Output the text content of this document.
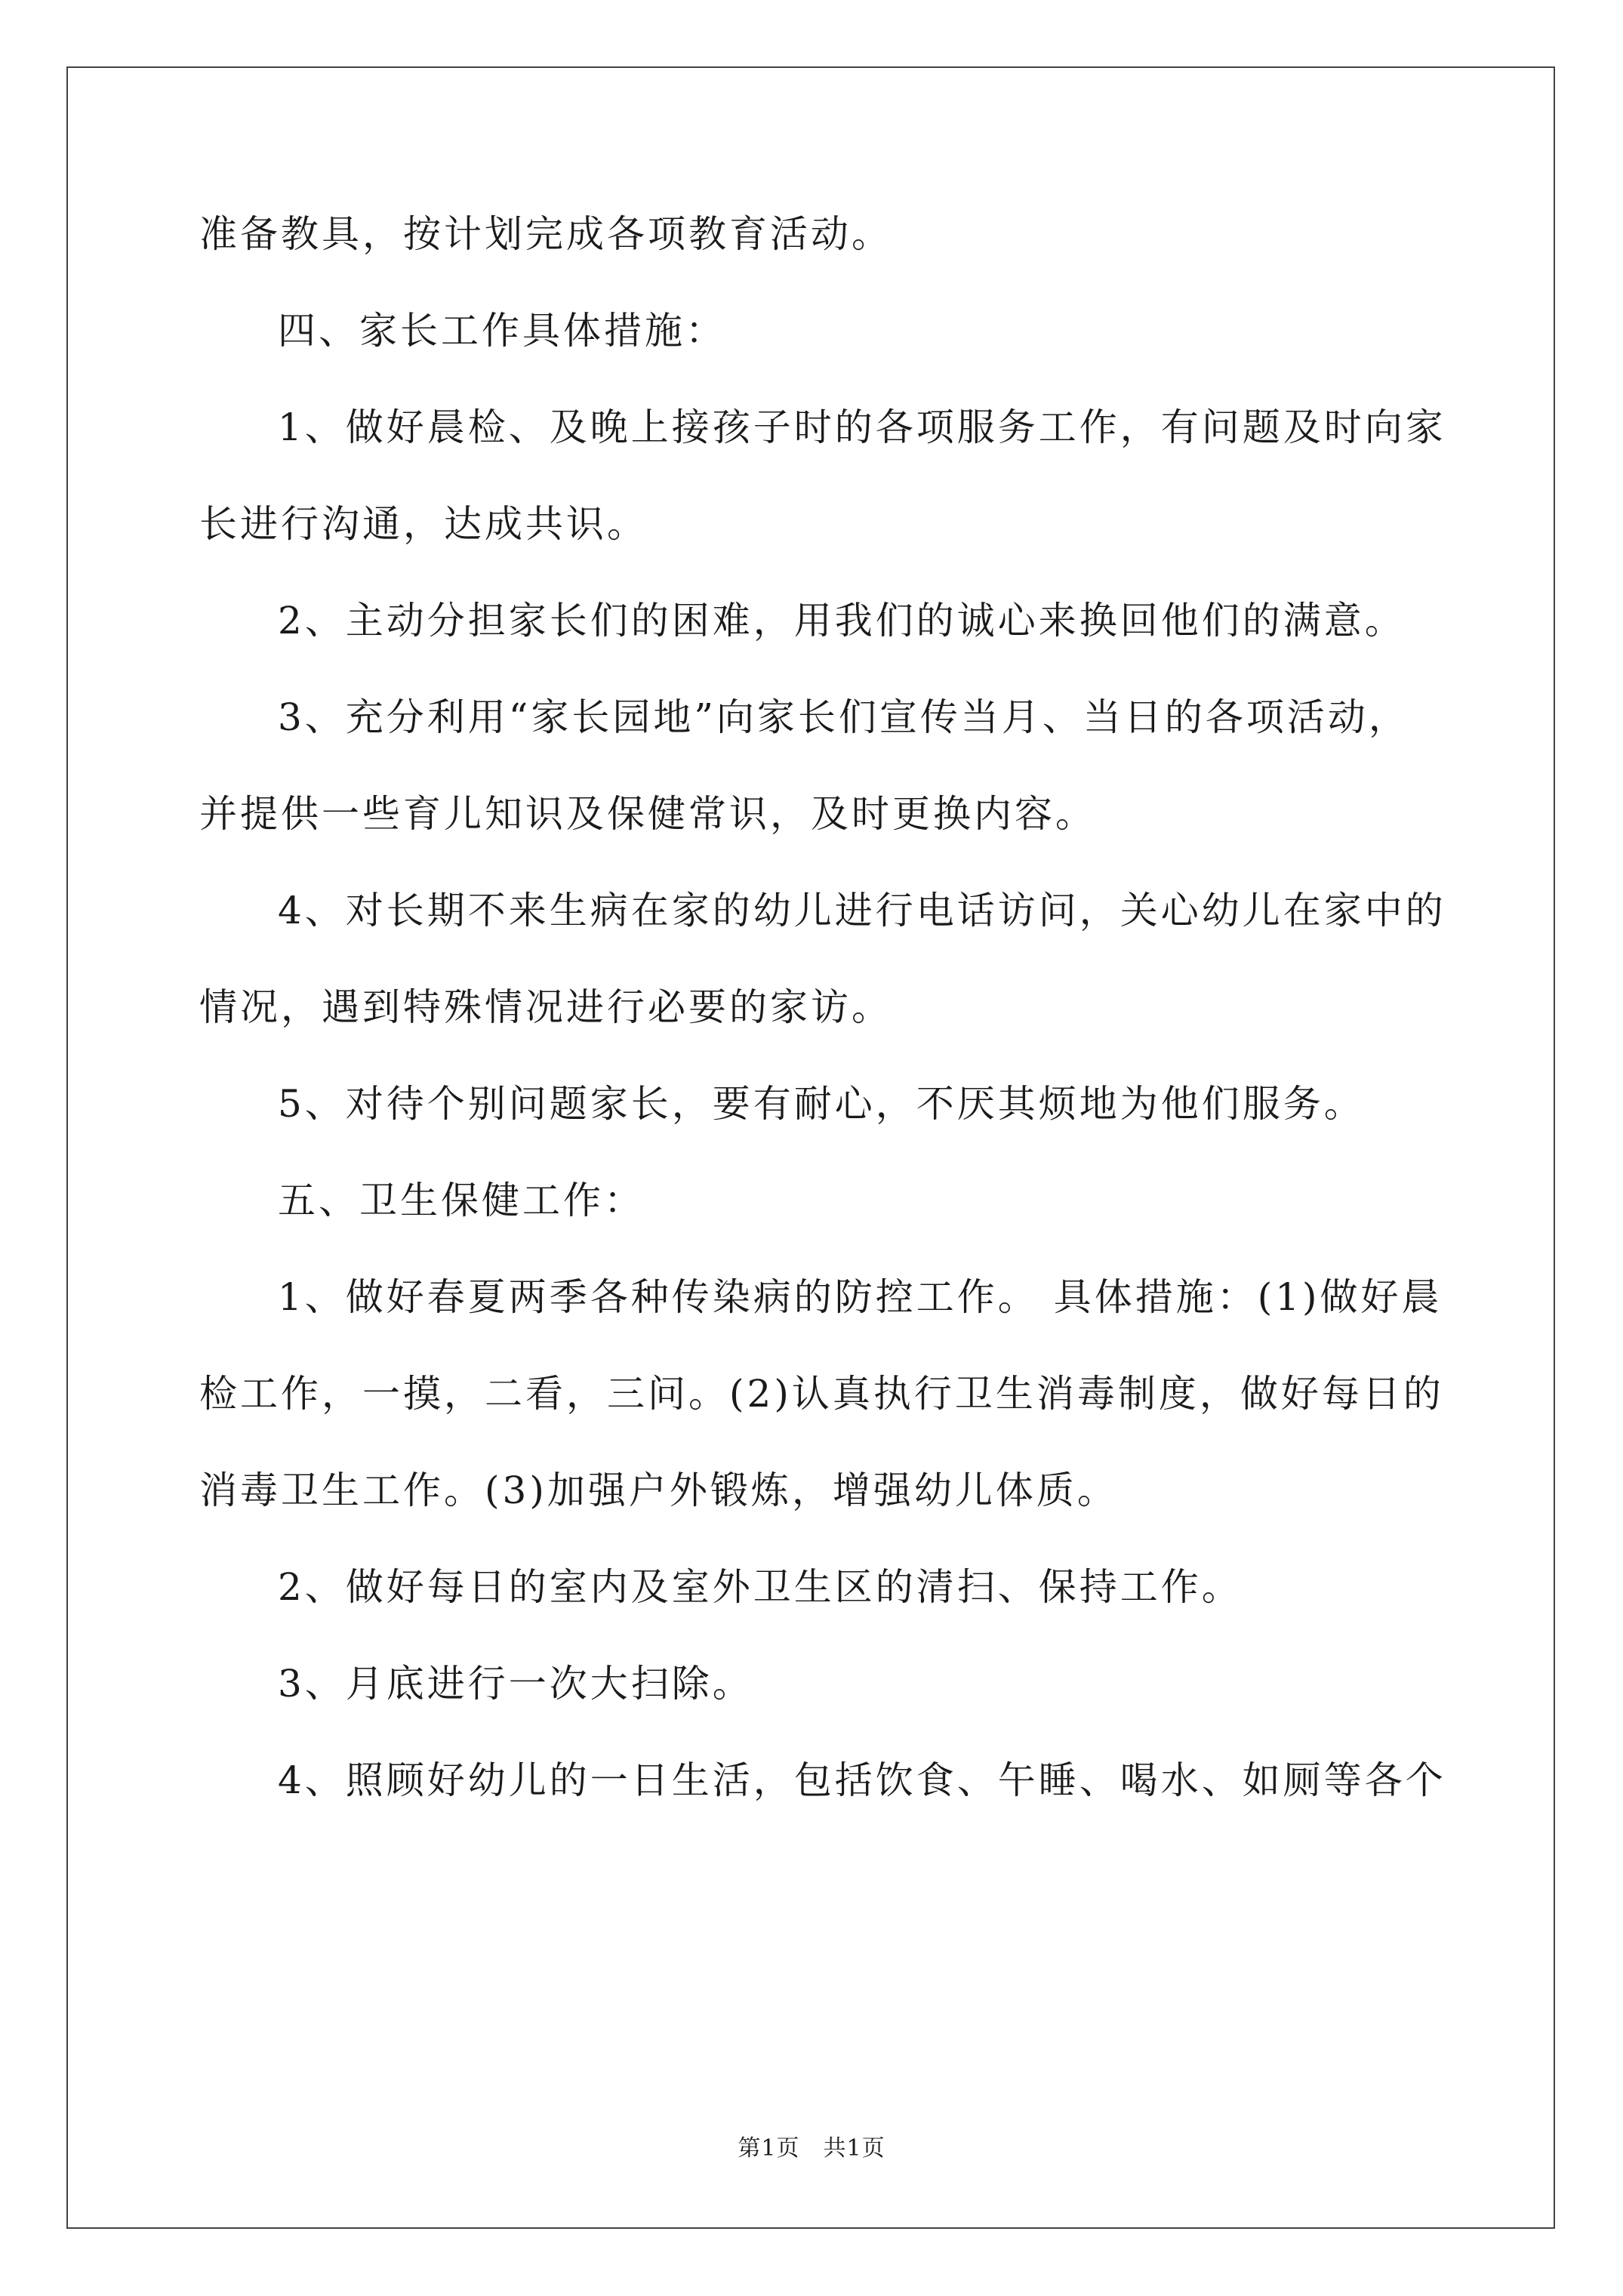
准备教具，按计划完成各项教育活动。
四、家长工作具体措施：
1、做好晨检、及晚上接孩子时的各项服务工作，有问题及时向家
长进行沟通，达成共识。
2、主动分担家长们的困难，用我们的诚心来换回他们的满意。
3、充分利用“家长园地”向家长们宣传当月、当日的各项活动，
并提供一些育儿知识及保健常识，及时更换内容。
4、对长期不来生病在家的幼儿进行电话访问，关心幼儿在家中的
情况，遇到特殊情况进行必要的家访。
5、对待个别问题家长，要有耐心，不厌其烦地为他们服务。
五、卫生保健工作：
1、做好春夏两季各种传染病的防控工作。 具体措施：(1)做好晨
检工作，一摸，二看，三问。(2)认真执行卫生消毒制度，做好每日的
消毒卫生工作。(3)加强户外锻炼，增强幼儿体质。
2、做好每日的室内及室外卫生区的清扫、保持工作。
3、月底进行一次大扫除。
4、照顾好幼儿的一日生活，包括饮食、午睡、喝水、如厕等各个
第1页　共1页
